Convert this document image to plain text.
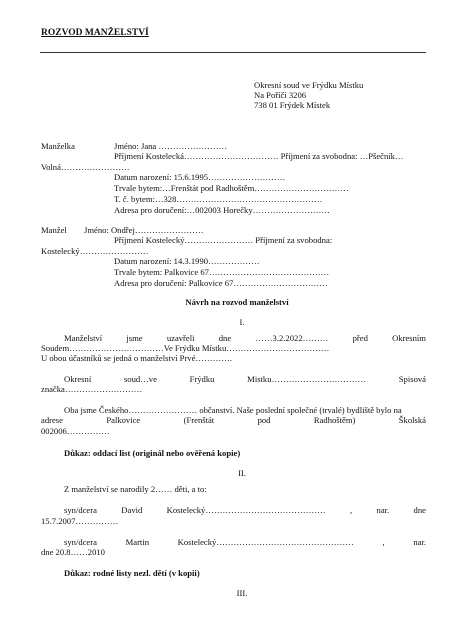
ROZVOD MANŽELSTVÍ
Okresní soud ve Frýdku Místku
Na Poříčí 3206
738 01 Frýdek Místek
Manželka	Jméno: Jana ……………………
Příjmení Kostelecká…………………………… Příjmení za svobodna: …Pšečník…
Volná……………………
Datum narození: 15.6.1995………………………
Trvale bytem:…Frenštát pod Radhoštěm……………………………
T. č. bytem:…328……………………………………………
Adresa pro doručení:…002003 Horečky………………………
Manžel Jméno: Ondřej……………………
Příjmení Kostelecký…………………… Příjmení za svobodna:
Kostelecký……………………
Datum narození: 14.3.1990………………
Trvale bytem: Palkovice 67……………………………………
Adresa pro doručení: Palkovice 67……………………………
Návrh na rozvod manželství
I.
Manželství	jsme	uzavřeli	dne	……3.2.2022………	před	Okresním
Soudem……………………………Ve Frýdku Místku………………………………
U obou účastníků se jedná o manželství Prvé………….
Okresní	soud…ve	Frýdku	Mistku……………………………	Spisová
značka………………………
Oba jsme Českého…………………… občanství. Naše poslední společné (trvalé) bydliště bylo na
adrese	Palkovice	(Frenštát	pod	Radhoštěm)	Školská
002006……………
Důkaz: oddací list (originál nebo ověřená kopie)
II.
Z manželství se narodily 2…… děti, a to:
syn/dcera	David	Kostelecký……………………………………	,	nar.	dne
15.7.2007……………
syn/dcera	Martin	Kostelecký…………………………………………	,	nar.
dne 20.8……2010
Důkaz: rodné listy nezl. dětí (v kopii)
III.
